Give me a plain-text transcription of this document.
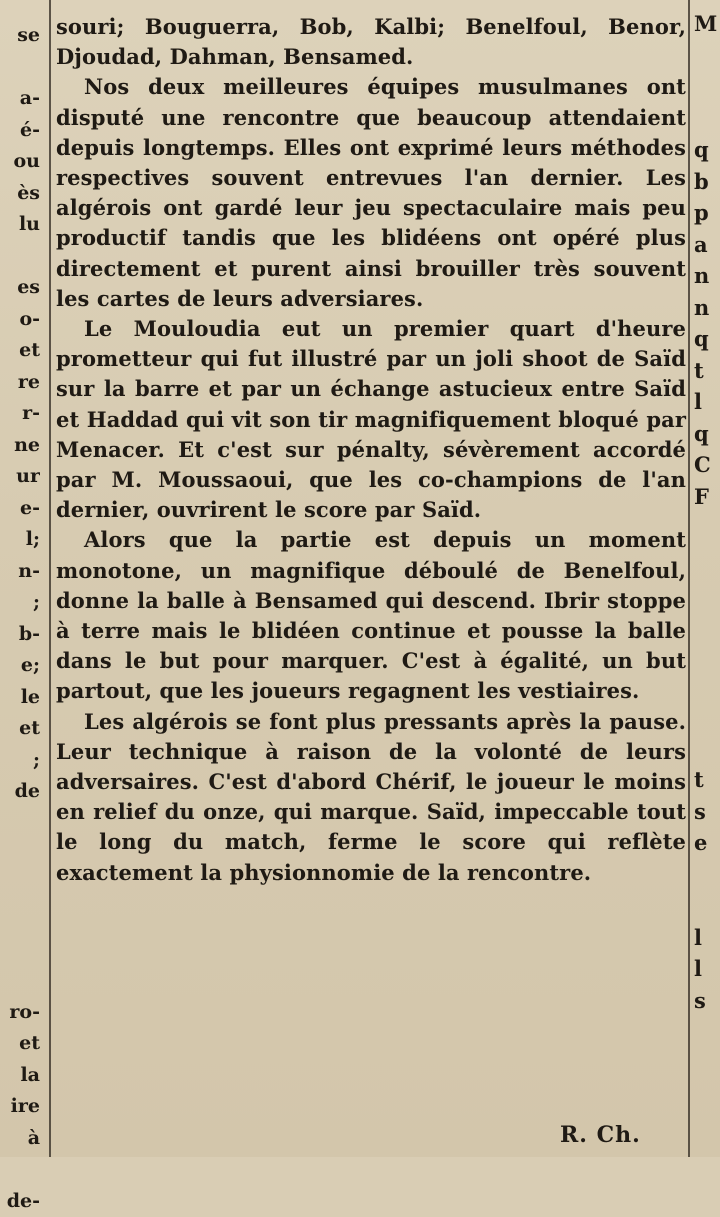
se
a-
é-
ou
ès
lu
es
o-
et
re
r-
ne
ur
e-
l;
n-
;
b-
e;
le
et
;
de
ro-
et
la
ire
à
de-
M
q
b
p
a
n
n
q
t
l
q
C
F
t
s
e
l
l
s

souri; Bouguerra, Bob, Kalbi; Benelfoul, Benor, Djoudad, Dahman, Bensamed.

Nos deux meilleures équipes musulmanes ont disputé une rencontre que beaucoup attendaient depuis longtemps. Elles ont exprimé leurs méthodes respectives souvent entrevues l'an dernier. Les algérois ont gardé leur jeu spectaculaire mais peu productif tandis que les blidéens ont opéré plus directement et purent ainsi brouiller très souvent les cartes de leurs adversiares.

Le Mouloudia eut un premier quart d'heure prometteur qui fut illustré par un joli shoot de Saïd sur la barre et par un échange astucieux entre Saïd et Haddad qui vit son tir magnifiquement bloqué par Menacer. Et c'est sur pénalty, sévèrement accordé par M. Moussaoui, que les co-champions de l'an dernier, ouvrirent le score par Saïd.

Alors que la partie est depuis un moment monotone, un magnifique déboulé de Benelfoul, donne la balle à Bensamed qui descend. Ibrir stoppe à terre mais le blidéen continue et pousse la balle dans le but pour marquer. C'est à égalité, un but partout, que les joueurs regagnent les vestiaires.

Les algérois se font plus pressants après la pause. Leur technique à raison de la volonté de leurs adversaires. C'est d'abord Chérif, le joueur le moins en relief du onze, qui marque. Saïd, impeccable tout le long du match, ferme le score qui reflète exactement la physionnomie de la rencontre.

R. Ch.
